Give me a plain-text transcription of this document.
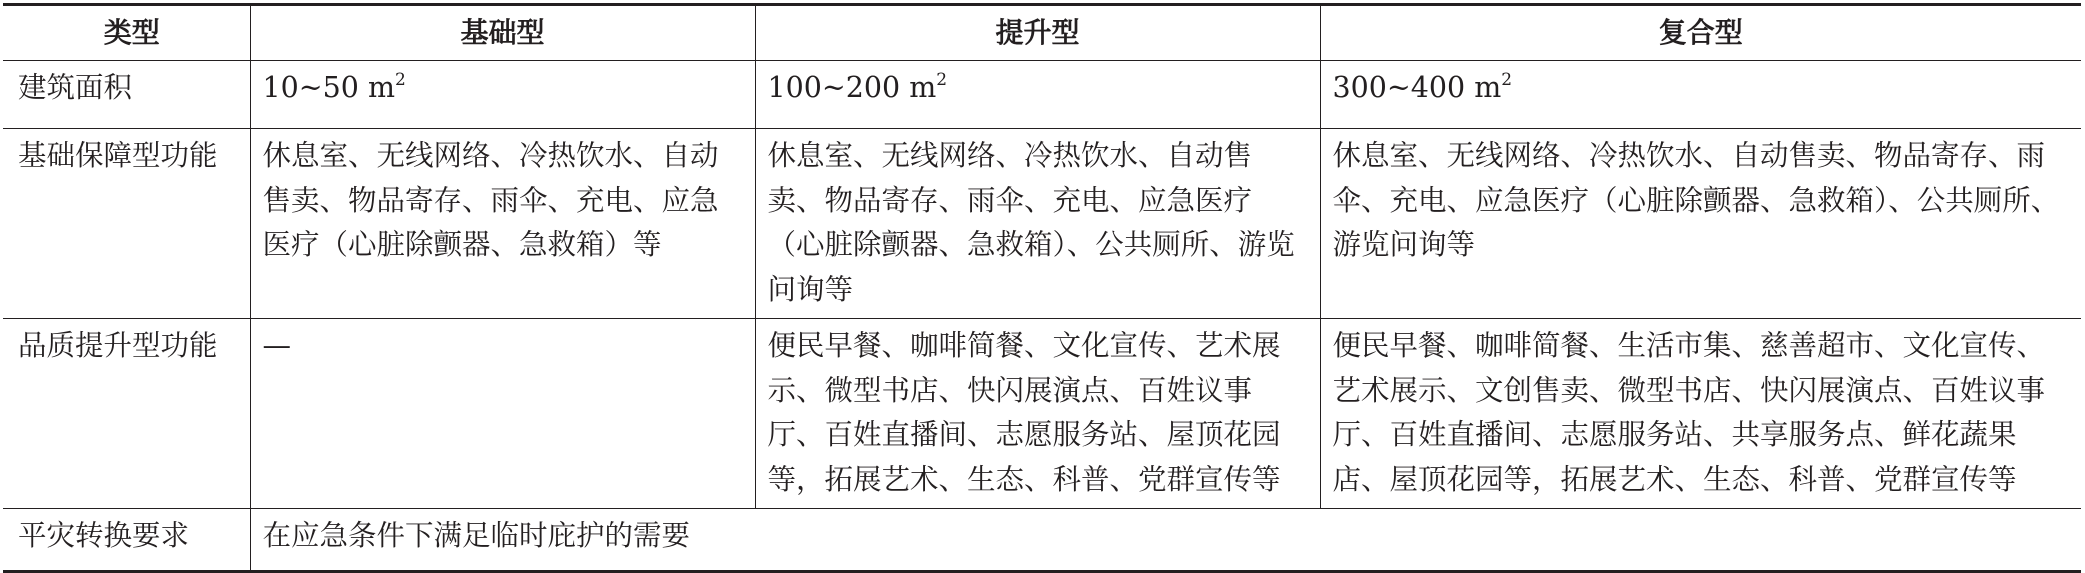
类型	基础型	提升型	复合型
建筑面积	10~50 $m^2$	100~200 $m^2$	300~400 $m^2$
基础保障型功能	休息室、无线网络、冷热饮水、自动售卖、物品寄存、雨伞、充电、应急医疗（心脏除颤器、急救箱）等	休息室、无线网络、冷热饮水、自动售卖、物品寄存、雨伞、充电、应急医疗（心脏除颤器、急救箱）、公共厕所、游览问询等	休息室、无线网络、冷热饮水、自动售卖、物品寄存、雨伞、充电、应急医疗（心脏除颤器、急救箱）、公共厕所、游览问询等
品质提升型功能	—	便民早餐、咖啡简餐、文化宣传、艺术展示、微型书店、快闪展演点、百姓议事厅、百姓直播间、志愿服务站、屋顶花园等，拓展艺术、生态、科普、党群宣传等	便民早餐、咖啡简餐、生活市集、慈善超市、文化宣传、艺术展示、文创售卖、微型书店、快闪展演点、百姓议事厅、百姓直播间、志愿服务站、共享服务点、鲜花蔬果店、屋顶花园等，拓展艺术、生态、科普、党群宣传等
平灾转换要求	在应急条件下满足临时庇护的需要		
